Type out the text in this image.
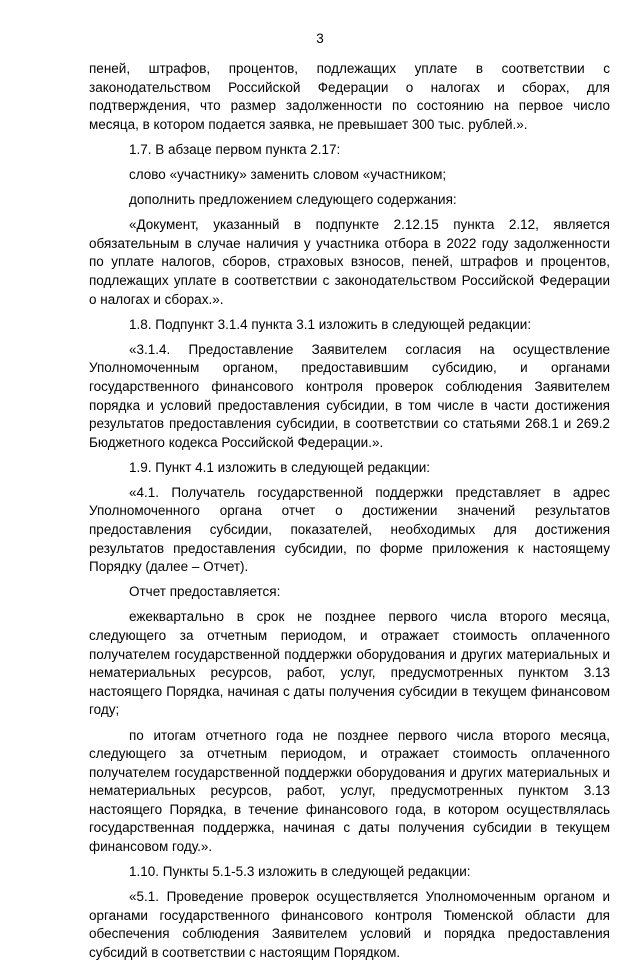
3

пеней, штрафов, процентов, подлежащих уплате в соответствии с законодательством Российской Федерации о налогах и сборах, для подтверждения, что размер задолженности по состоянию на первое число месяца, в котором подается заявка, не превышает 300 тыс. рублей.».

1.7. В абзаце первом пункта 2.17:

слово «участнику» заменить словом «участником;

дополнить предложением следующего содержания:

«Документ, указанный в подпункте 2.12.15 пункта 2.12, является обязательным в случае наличия у участника отбора в 2022 году задолженности по уплате налогов, сборов, страховых взносов, пеней, штрафов и процентов, подлежащих уплате в соответствии с законодательством Российской Федерации о налогах и сборах.».

1.8. Подпункт 3.1.4 пункта 3.1 изложить в следующей редакции:

«3.1.4. Предоставление Заявителем согласия на осуществление Уполномоченным органом, предоставившим субсидию, и органами государственного финансового контроля проверок соблюдения Заявителем порядка и условий предоставления субсидии, в том числе в части достижения результатов предоставления субсидии, в соответствии со статьями 268.1 и 269.2 Бюджетного кодекса Российской Федерации.».

1.9. Пункт 4.1 изложить в следующей редакции:

«4.1. Получатель государственной поддержки представляет в адрес Уполномоченного органа отчет о достижении значений результатов предоставления субсидии, показателей, необходимых для достижения результатов предоставления субсидии, по форме приложения к настоящему Порядку (далее – Отчет).

Отчет предоставляется:

ежеквартально в срок не позднее первого числа второго месяца, следующего за отчетным периодом, и отражает стоимость оплаченного получателем государственной поддержки оборудования и других материальных и нематериальных ресурсов, работ, услуг, предусмотренных пунктом 3.13 настоящего Порядка, начиная с даты получения субсидии в текущем финансовом году;

по итогам отчетного года не позднее первого числа второго месяца, следующего за отчетным периодом, и отражает стоимость оплаченного получателем государственной поддержки оборудования и других материальных и нематериальных ресурсов, работ, услуг, предусмотренных пунктом 3.13 настоящего Порядка, в течение финансового года, в котором осуществлялась государственная поддержка, начиная с даты получения субсидии в текущем финансовом году.».

1.10. Пункты 5.1-5.3 изложить в следующей редакции:

«5.1. Проведение проверок осуществляется Уполномоченным органом и органами государственного финансового контроля Тюменской области для обеспечения соблюдения Заявителем условий и порядка предоставления субсидий в соответствии с настоящим Порядком.
